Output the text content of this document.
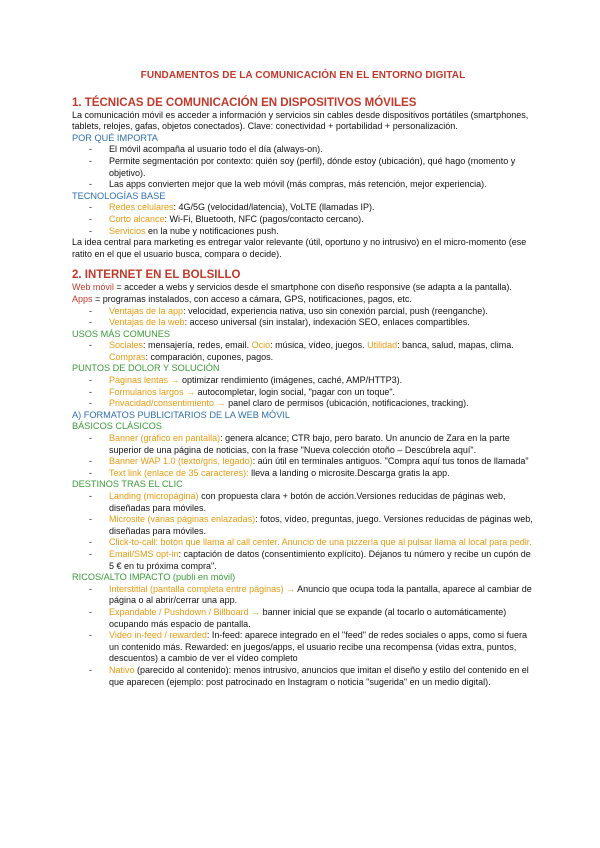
FUNDAMENTOS DE LA COMUNICACIÓN EN EL ENTORNO DIGITAL

1. TÉCNICAS DE COMUNICACIÓN EN DISPOSITIVOS MÓVILES

La comunicación móvil es acceder a información y servicios sin cables desde dispositivos portátiles (smartphones, tablets, relojes, gafas, objetos conectados). Clave: conectividad + portabilidad + personalización.

POR QUÉ IMPORTA

- El móvil acompaña al usuario todo el día (always-on).
- Permite segmentación por contexto: quién soy (perfil), dónde estoy (ubicación), qué hago (momento y objetivo).
- Las apps convierten mejor que la web móvil (más compras, más retención, mejor experiencia).

TECNOLOGÍAS BASE

- Redes celulares: 4G/5G (velocidad/latencia), VoLTE (llamadas IP).
- Corto alcance: Wi-Fi, Bluetooth, NFC (pagos/contacto cercano).
- Servicios en la nube y notificaciones push.

La idea central para marketing es entregar valor relevante (útil, oportuno y no intrusivo) en el micro-momento (ese ratito en el que el usuario busca, compara o decide).

2. INTERNET EN EL BOLSILLO

Web móvil = acceder a webs y servicios desde el smartphone con diseño responsive (se adapta a la pantalla).

Apps = programas instalados, con acceso a cámara, GPS, notificaciones, pagos, etc.

- Ventajas de la app: velocidad, experiencia nativa, uso sin conexión parcial, push (reenganche).
- Ventajas de la web: acceso universal (sin instalar), indexación SEO, enlaces compartibles.

USOS MÁS COMUNES

- Sociales: mensajería, redes, email. Ocio: música, vídeo, juegos. Utilidad: banca, salud, mapas, clima. Compras: comparación, cupones, pagos.

PUNTOS DE DOLOR Y SOLUCIÓN

- Páginas lentas → optimizar rendimiento (imágenes, caché, AMP/HTTP3).
- Formularios largos → autocompletar, login social, "pagar con un toque".
- Privacidad/consentimiento → panel claro de permisos (ubicación, notificaciones, tracking).

A) FORMATOS PUBLICITARIOS DE LA WEB MÓVIL

BÁSICOS CLÁSICOS

- Banner (gráfico en pantalla): genera alcance; CTR bajo, pero barato. Un anuncio de Zara en la parte superior de una página de noticias, con la frase "Nueva colección otoño – Descúbrela aquí".
- Banner WAP 1.0 (texto/gris, legado): aún útil en terminales antiguos. "Compra aquí tus tonos de llamada"
- Text link (enlace de 35 caracteres): lleva a landing o microsite.Descarga gratis la app.

DESTINOS TRAS EL CLIC

- Landing (micropágina) con propuesta clara + botón de acción.Versiones reducidas de páginas web, diseñadas para móviles.
- Microsite (varias páginas enlazadas): fotos, vídeo, preguntas, juego. Versiones reducidas de páginas web, diseñadas para móviles.
- Click-to-call: botón que llama al call center. Anuncio de una pizzería que al pulsar llama al local para pedir.
- Email/SMS opt-in: captación de datos (consentimiento explícito). Déjanos tu número y recibe un cupón de 5 € en tu próxima compra".

RICOS/ALTO IMPACTO (publi en móvil)

- Interstitial (pantalla completa entre páginas) → Anuncio que ocupa toda la pantalla, aparece al cambiar de página o al abrir/cerrar una app.
- Expandable / Pushdown / Billboard → banner inicial que se expande (al tocarlo o automáticamente) ocupando más espacio de pantalla.
- Video in-feed / rewarded: In-feed: aparece integrado en el "feed" de redes sociales o apps, como si fuera un contenido más. Rewarded: en juegos/apps, el usuario recibe una recompensa (vidas extra, puntos, descuentos) a cambio de ver el vídeo completo
- Nativo (parecido al contenido): menos intrusivo, anuncios que imitan el diseño y estilo del contenido en el que aparecen (ejemplo: post patrocinado en Instagram o noticia "sugerida" en un medio digital).
